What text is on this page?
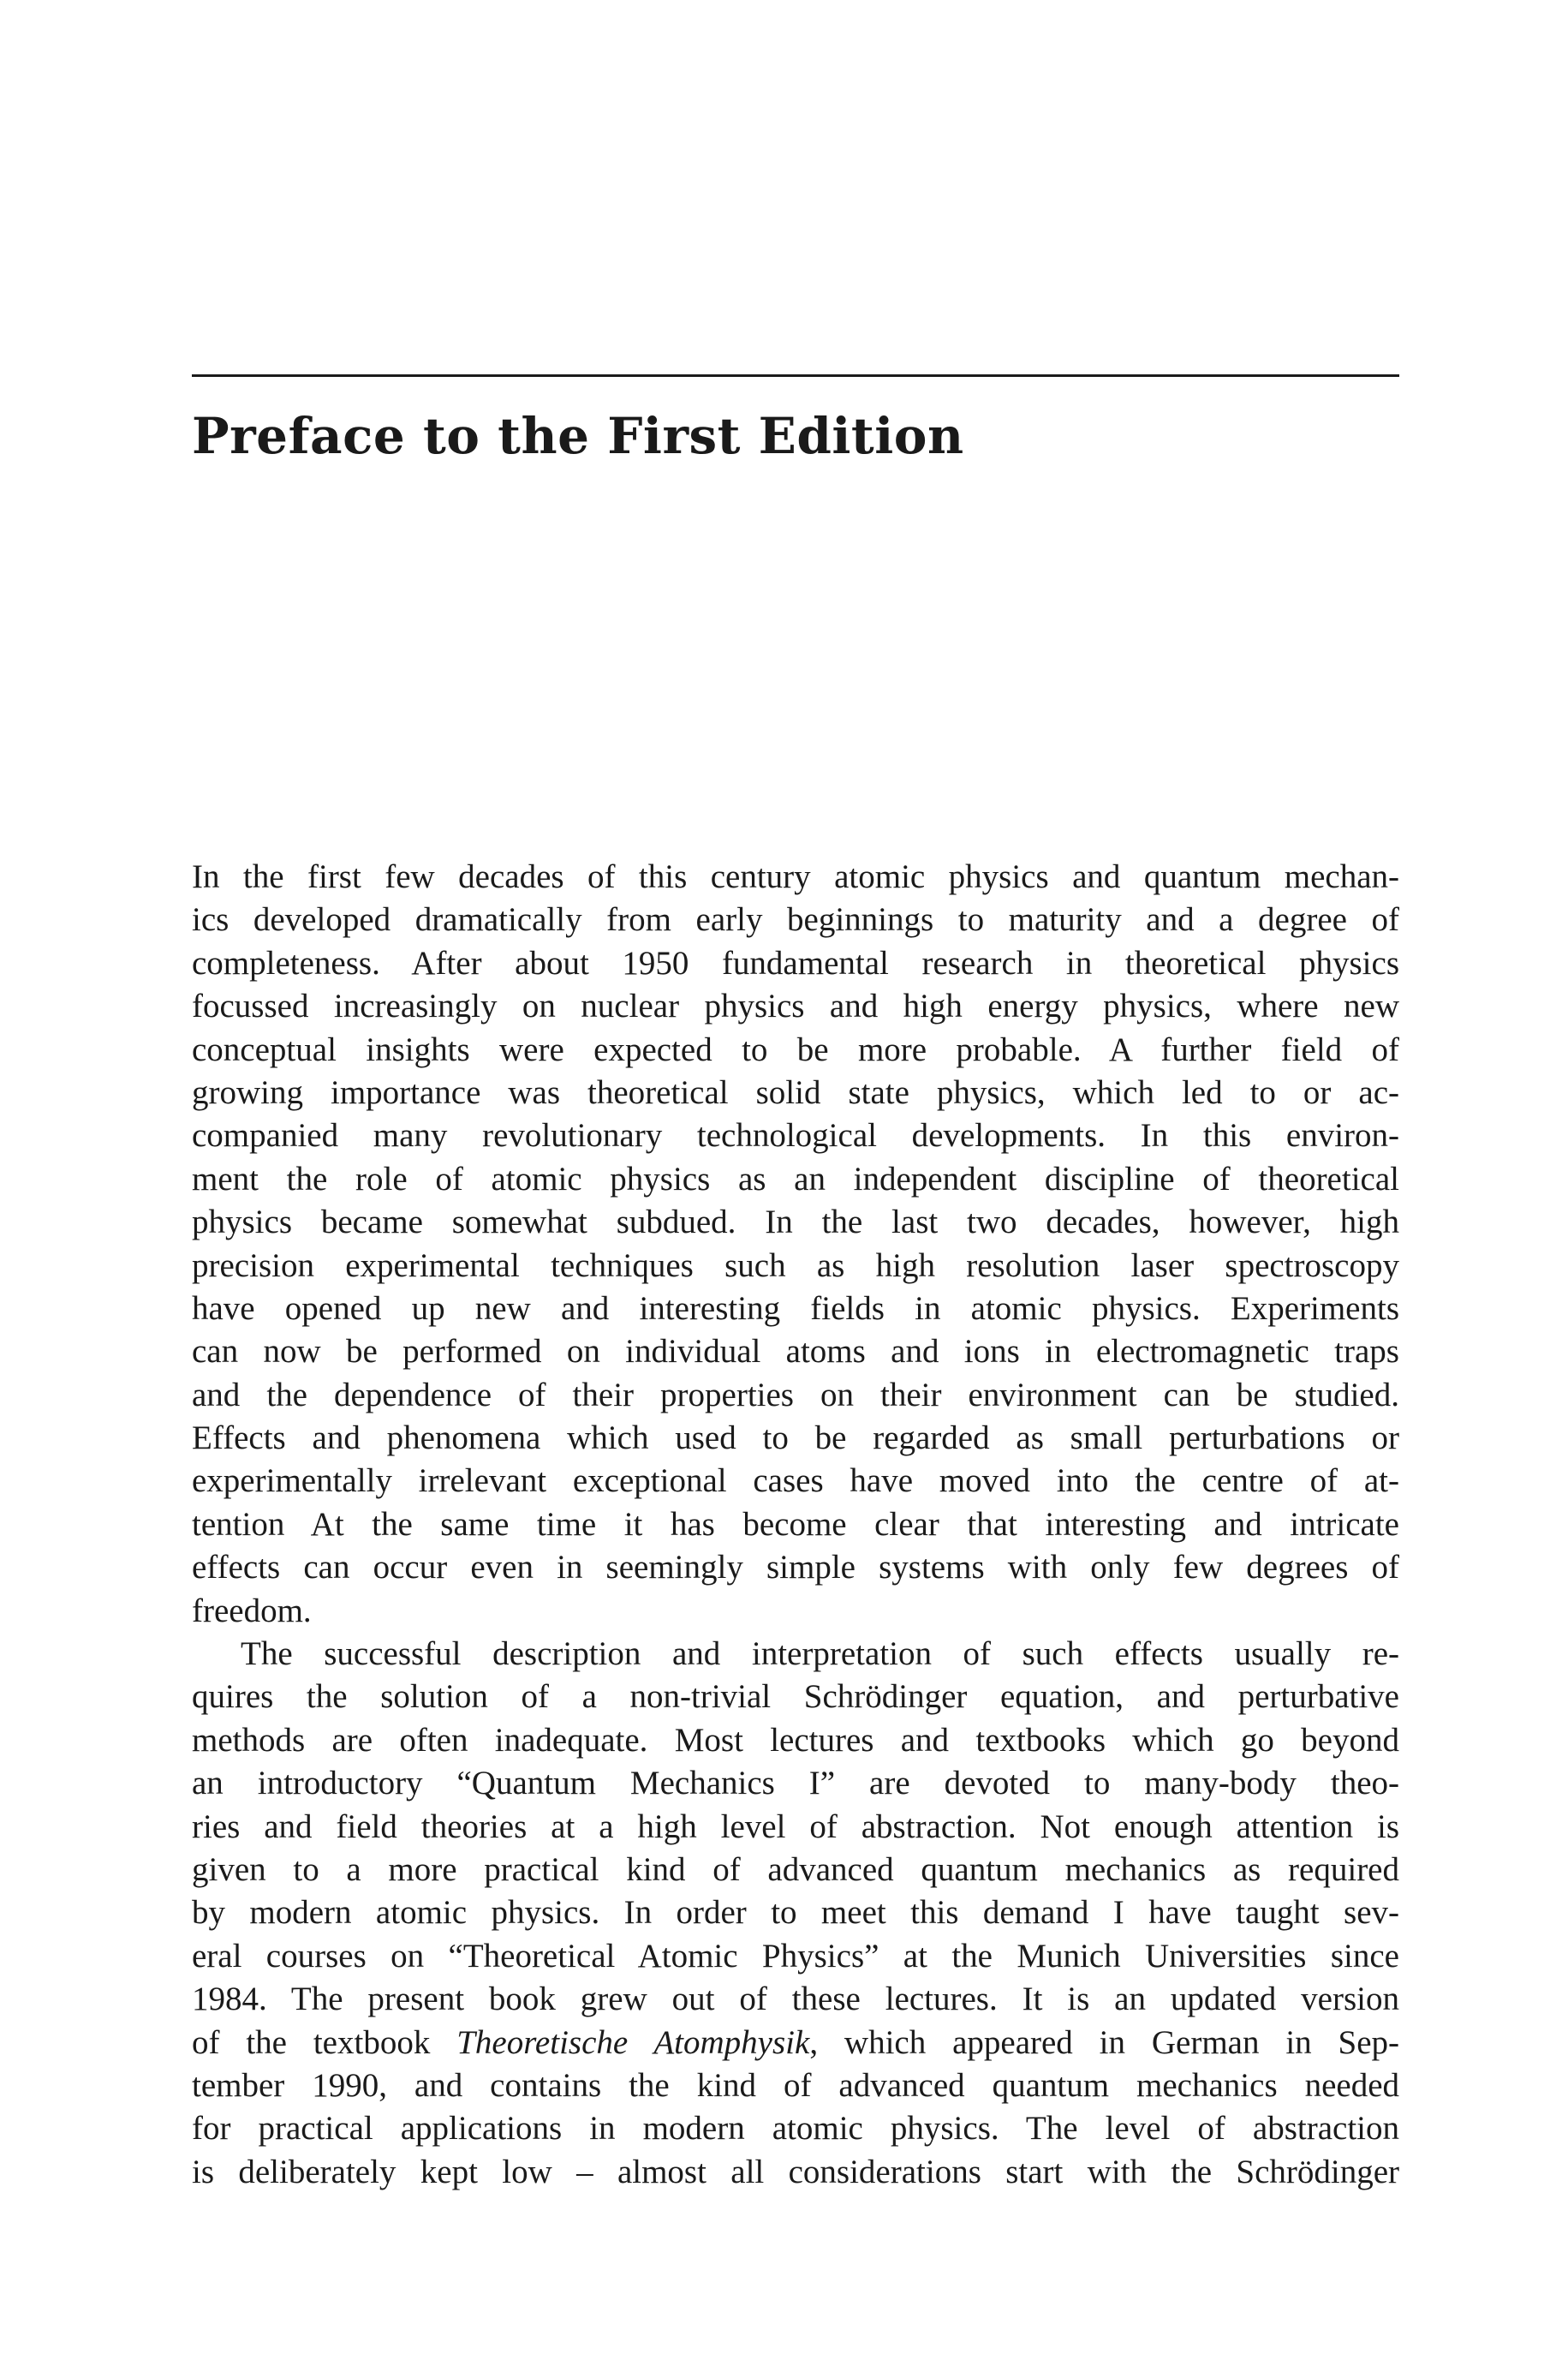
Preface to the First Edition
In the first few decades of this century atomic physics and quantum mechan-
ics developed dramatically from early beginnings to maturity and a degree of
completeness. After about 1950 fundamental research in theoretical physics
focussed increasingly on nuclear physics and high energy physics, where new
conceptual insights were expected to be more probable. A further field of
growing importance was theoretical solid state physics, which led to or ac-
companied many revolutionary technological developments. In this environ-
ment the role of atomic physics as an independent discipline of theoretical
physics became somewhat subdued. In the last two decades, however, high
precision experimental techniques such as high resolution laser spectroscopy
have opened up new and interesting fields in atomic physics. Experiments
can now be performed on individual atoms and ions in electromagnetic traps
and the dependence of their properties on their environment can be studied.
Effects and phenomena which used to be regarded as small perturbations or
experimentally irrelevant exceptional cases have moved into the centre of at-
tention At the same time it has become clear that interesting and intricate
effects can occur even in seemingly simple systems with only few degrees of
freedom.
The successful description and interpretation of such effects usually re-
quires the solution of a non-trivial Schrödinger equation, and perturbative
methods are often inadequate. Most lectures and textbooks which go beyond
an introductory “Quantum Mechanics I” are devoted to many-body theo-
ries and field theories at a high level of abstraction. Not enough attention is
given to a more practical kind of advanced quantum mechanics as required
by modern atomic physics. In order to meet this demand I have taught sev-
eral courses on “Theoretical Atomic Physics” at the Munich Universities since
1984. The present book grew out of these lectures. It is an updated version
of the textbook Theoretische Atomphysik, which appeared in German in Sep-
tember 1990, and contains the kind of advanced quantum mechanics needed
for practical applications in modern atomic physics. The level of abstraction
is deliberately kept low – almost all considerations start with the Schrödinger
